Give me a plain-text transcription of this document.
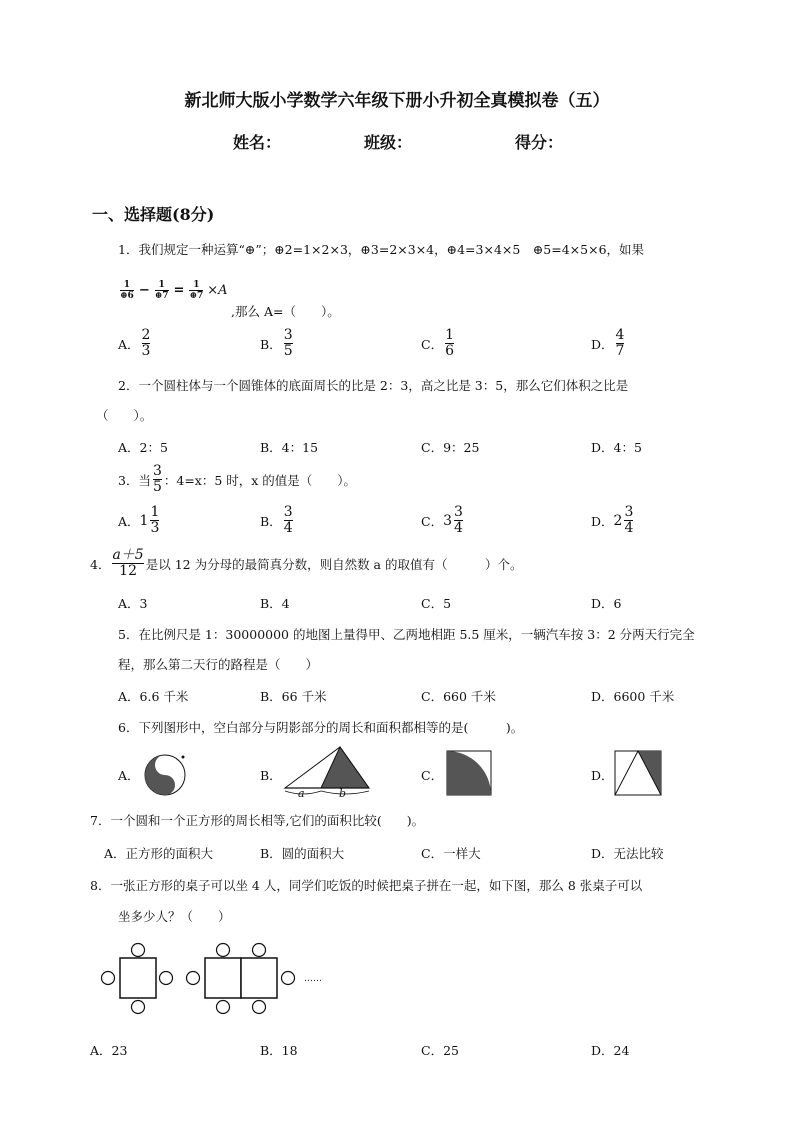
新北师大版小学数学六年级下册小升初全真模拟卷（五）
姓名：	班级：	得分：
一、选择题(8分)
1．我们规定一种运算“⊕”；⊕2=1×2×3，⊕3=2×3×4，⊕4=3×4×5　⊕5=4×5×6，如果
$\frac{1}{\oplus 6} - \frac{1}{\oplus 7} = \frac{1}{\oplus 7} \times A$
,那么 A=（　　）。
A． $\frac{2}{3}$	B． $\frac{3}{5}$	C． $\frac{1}{6}$	D． $\frac{4}{7}$
2．一个圆柱体与一个圆锥体的底面周长的比是 2：3，高之比是 3：5，那么它们体积之比是
（　　）。
A．2：5	B．4：15	C．9：25	D．4：5
3．当 $\frac{3}{5}$ ：4=x：5 时，x 的值是（　　）。
A． $1 \frac{1}{3}$	B． $\frac{3}{4}$	C． $3 \frac{3}{4}$	D． $2 \frac{3}{4}$
4． $\frac{a+5}{12}$ 是以 12 为分母的最简真分数，则自然数 a 的取值有（　　　）个。
A．3	B．4	C．5	D．6
5．在比例尺是 1：30000000 的地图上量得甲、乙两地相距 5.5 厘米，一辆汽车按 3：2 分两天行完全
程，那么第二天行的路程是（　　）
A．6.6 千米	B．66 千米	C．660 千米	D．6600 千米
6．下列图形中，空白部分与阴影部分的周长和面积都相等的是(　　　)。
A．	B．	C．	D．
a	b
7．一个圆和一个正方形的周长相等,它们的面积比较(　　)。
A．正方形的面积大	B．圆的面积大	C．一样大	D．无法比较
8．一张正方形的桌子可以坐 4 人，同学们吃饭的时候把桌子拼在一起，如下图，那么 8 张桌子可以
坐多少人？（　　）
……
A．23	B．18	C．25	D．24
